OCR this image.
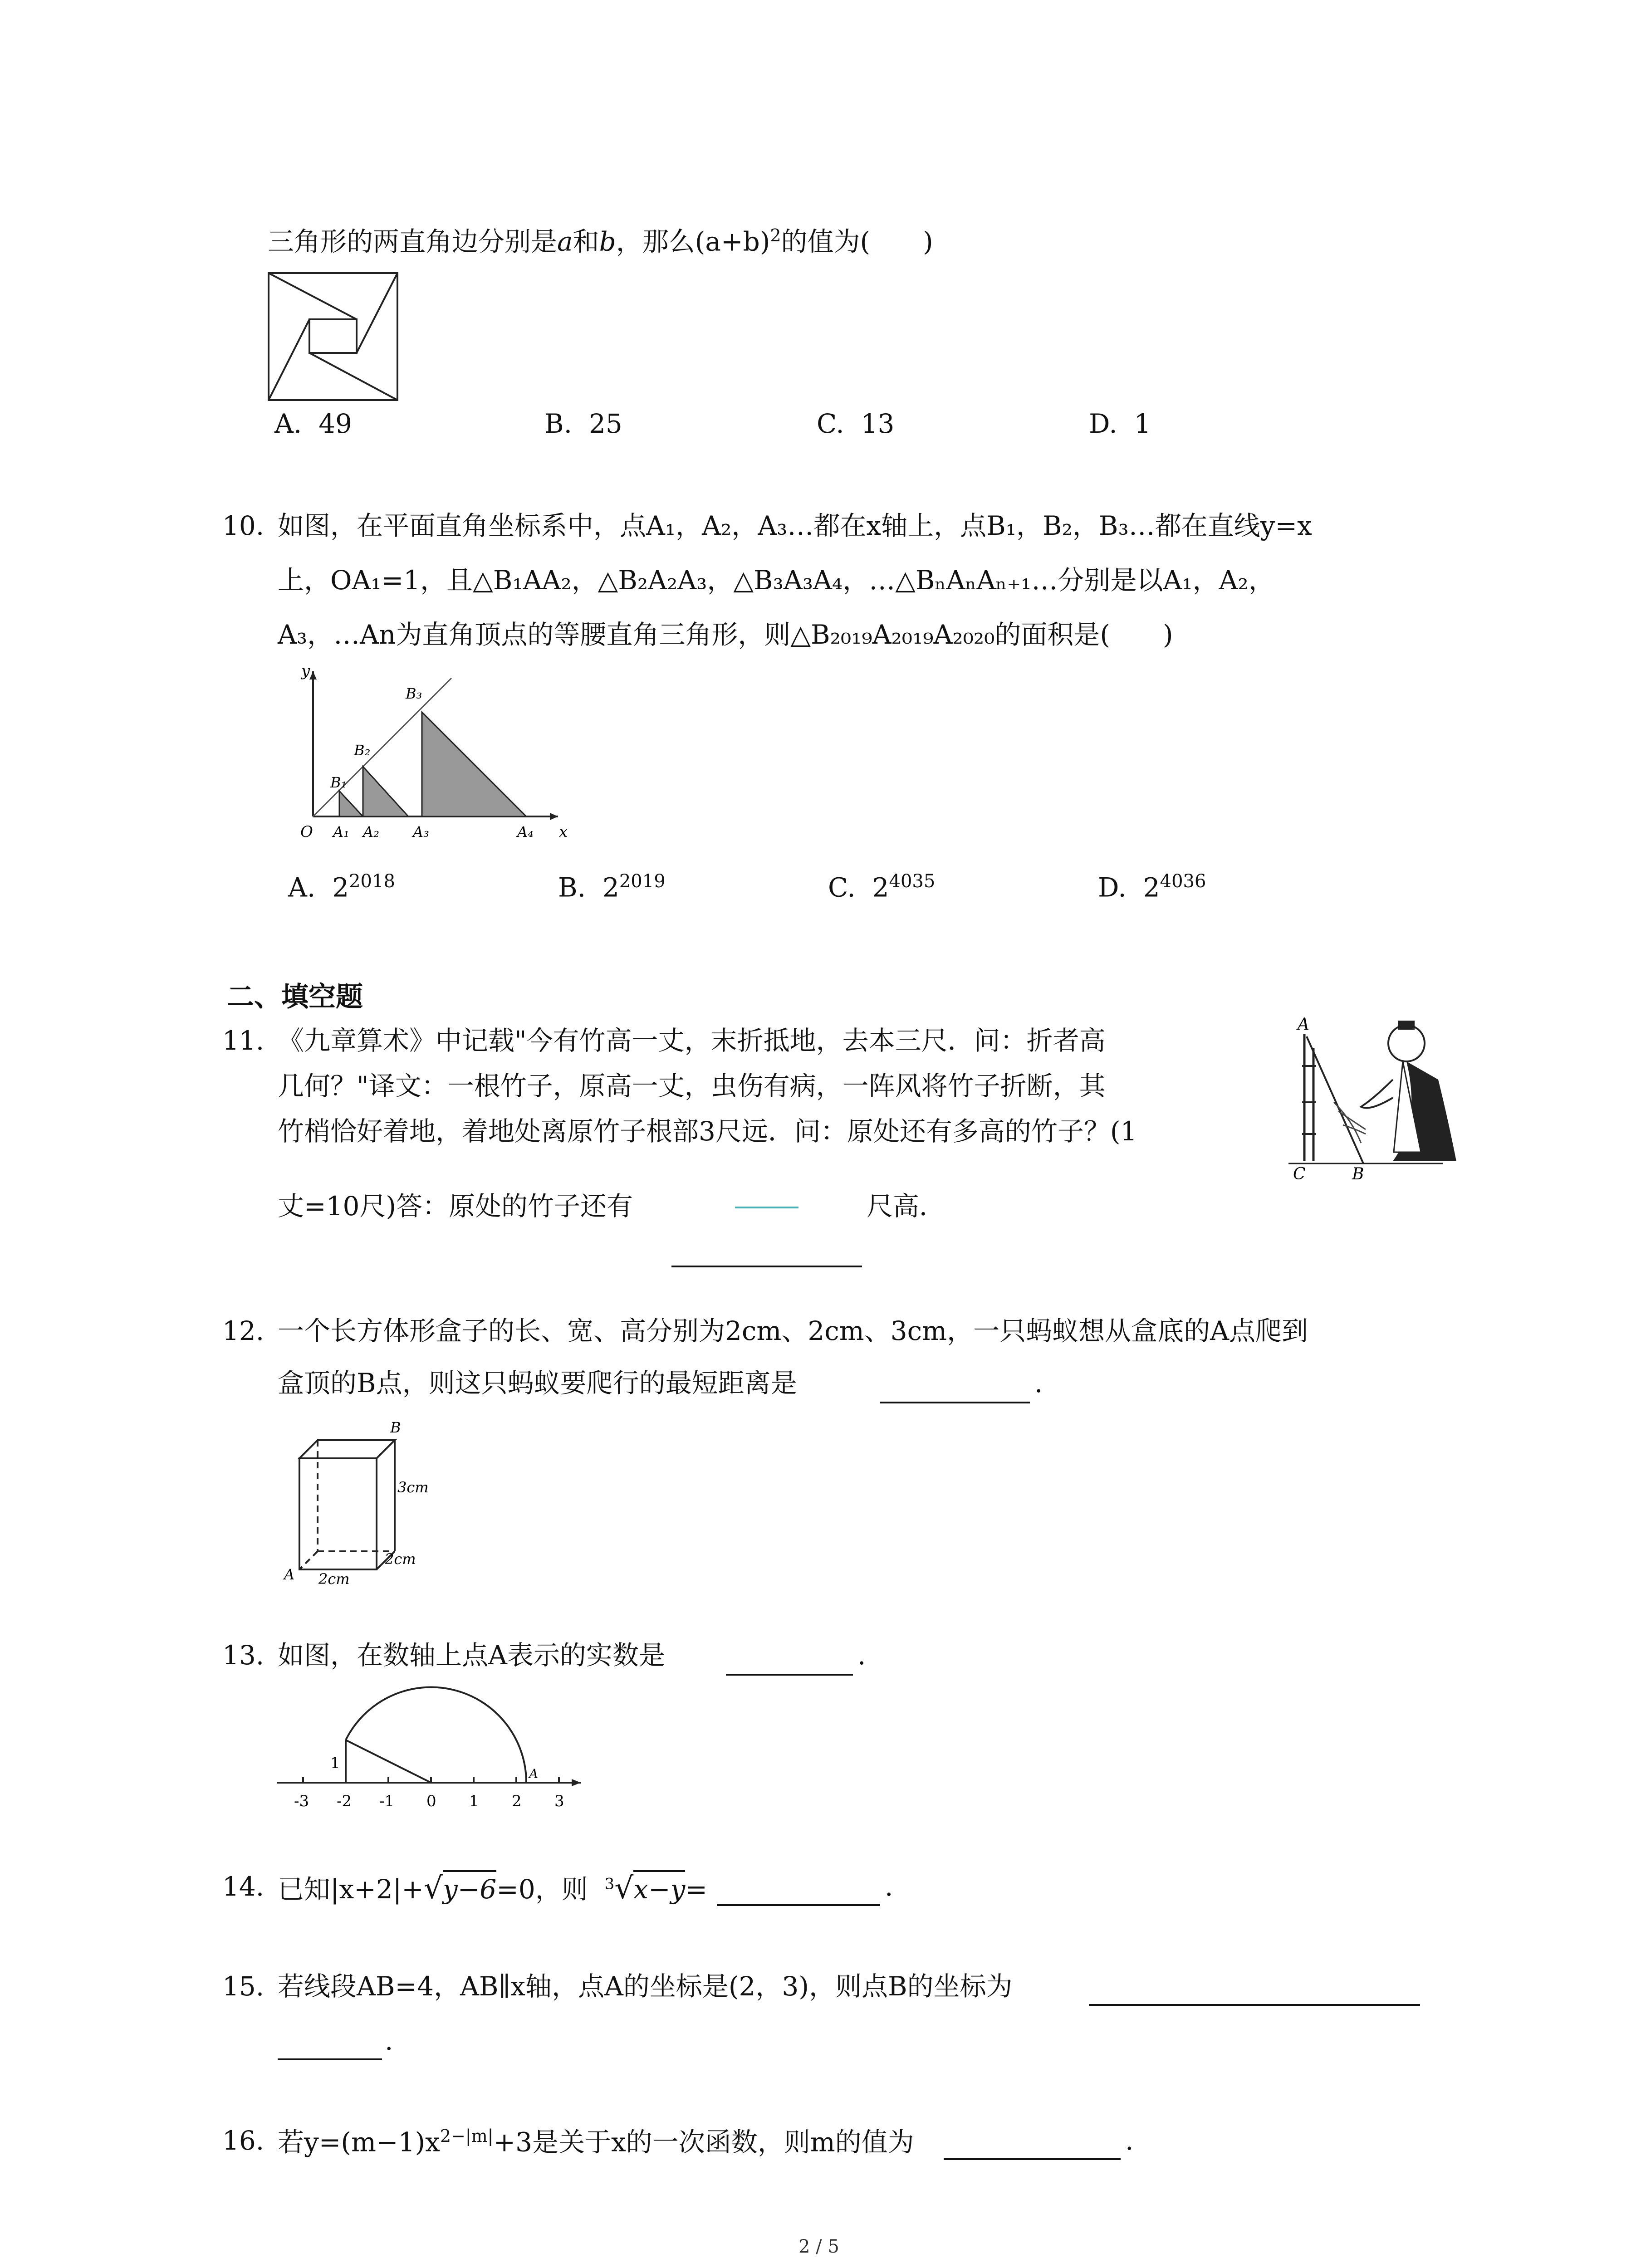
三角形的两直角边分别是a和b，那么$(a+b)^2$的值为(　　)
A. 49	B. 25	C. 13	D. 1
10. 如图，在平面直角坐标系中，点A₁，A₂，A₃…都在x轴上，点B₁，B₂，B₃…都在直线y=x
上，OA₁=1，且△B₁AA₂，△B₂A₂A₃，△B₃A₃A₄，…△BₙAₙAₙ₊₁…分别是以A₁，A₂，
A₃，…An为直角顶点的等腰直角三角形，则△B₂₀₁₉A₂₀₁₉A₂₀₂₀的面积是(　　)
y
x
O A₁ A₂ A₃	A₄
B₁
B₂
B₃
A. $2^{2018}$	B. $2^{2019}$	C. $2^{4035}$	D. $2^{4036}$
二、填空题
11. 《九章算术》中记载"今有竹高一丈，末折抵地，去本三尺．问：折者高
几何？"译文：一根竹子，原高一丈，虫伤有病，一阵风将竹子折断，其
竹梢恰好着地，着地处离原竹子根部3尺远．问：原处还有多高的竹子？(1
丈=10尺)答：原处的竹子还有	尺高．
A
C	B
12. 一个长方体形盒子的长、宽、高分别为2cm、2cm、3cm，一只蚂蚁想从盒底的A点爬到
盒顶的B点，则这只蚂蚁要爬行的最短距离是	.
B
A
3cm
2cm
2cm
13. 如图，在数轴上点A表示的实数是	.
1
A
-3 -2 -1 0 1 2 3
14. 已知|x+2|+√y−6=0，则 $^3$√x−y=	.
15. 若线段AB=4，AB∥x轴，点A的坐标是(2，3)，则点B的坐标为
.
16. 若$y=(m-1)x^{2-|m|}+3$是关于x的一次函数，则m的值为	.
2 / 5
